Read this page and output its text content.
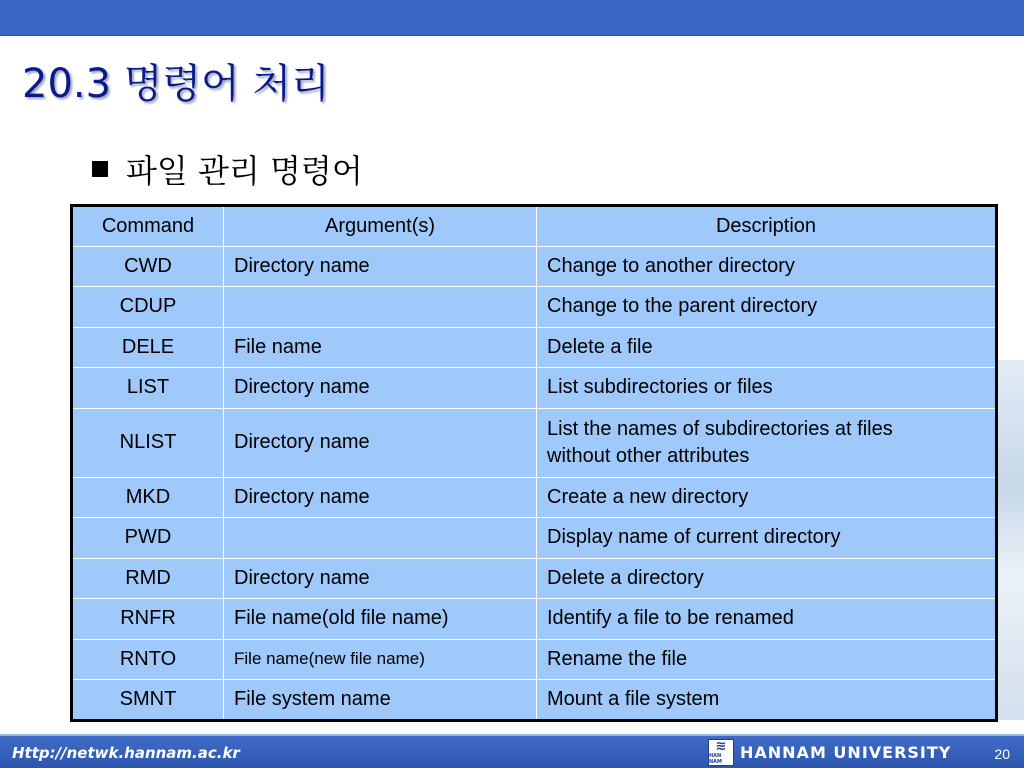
20.3 명령어 처리
파일 관리 명령어
Command	Argument(s)	Description
CWD	Directory name	Change to another directory
CDUP		Change to the parent directory
DELE	File name	Delete a file
LIST	Directory name	List subdirectories or files
NLIST	Directory name	List the names of subdirectories at files
without other attributes

MKD	Directory name	Create a new directory
PWD		Display name of current directory
RMD	Directory name	Delete a directory
RNFR	File name(old file name)	Identify a file to be renamed
RNTO	File name(new file name)	Rename the file
SMNT	File system name	Mount a file system
Http://netwk.hannam.ac.kr	≋
HAN NAM	HANNAM UNIVERSITY	20
